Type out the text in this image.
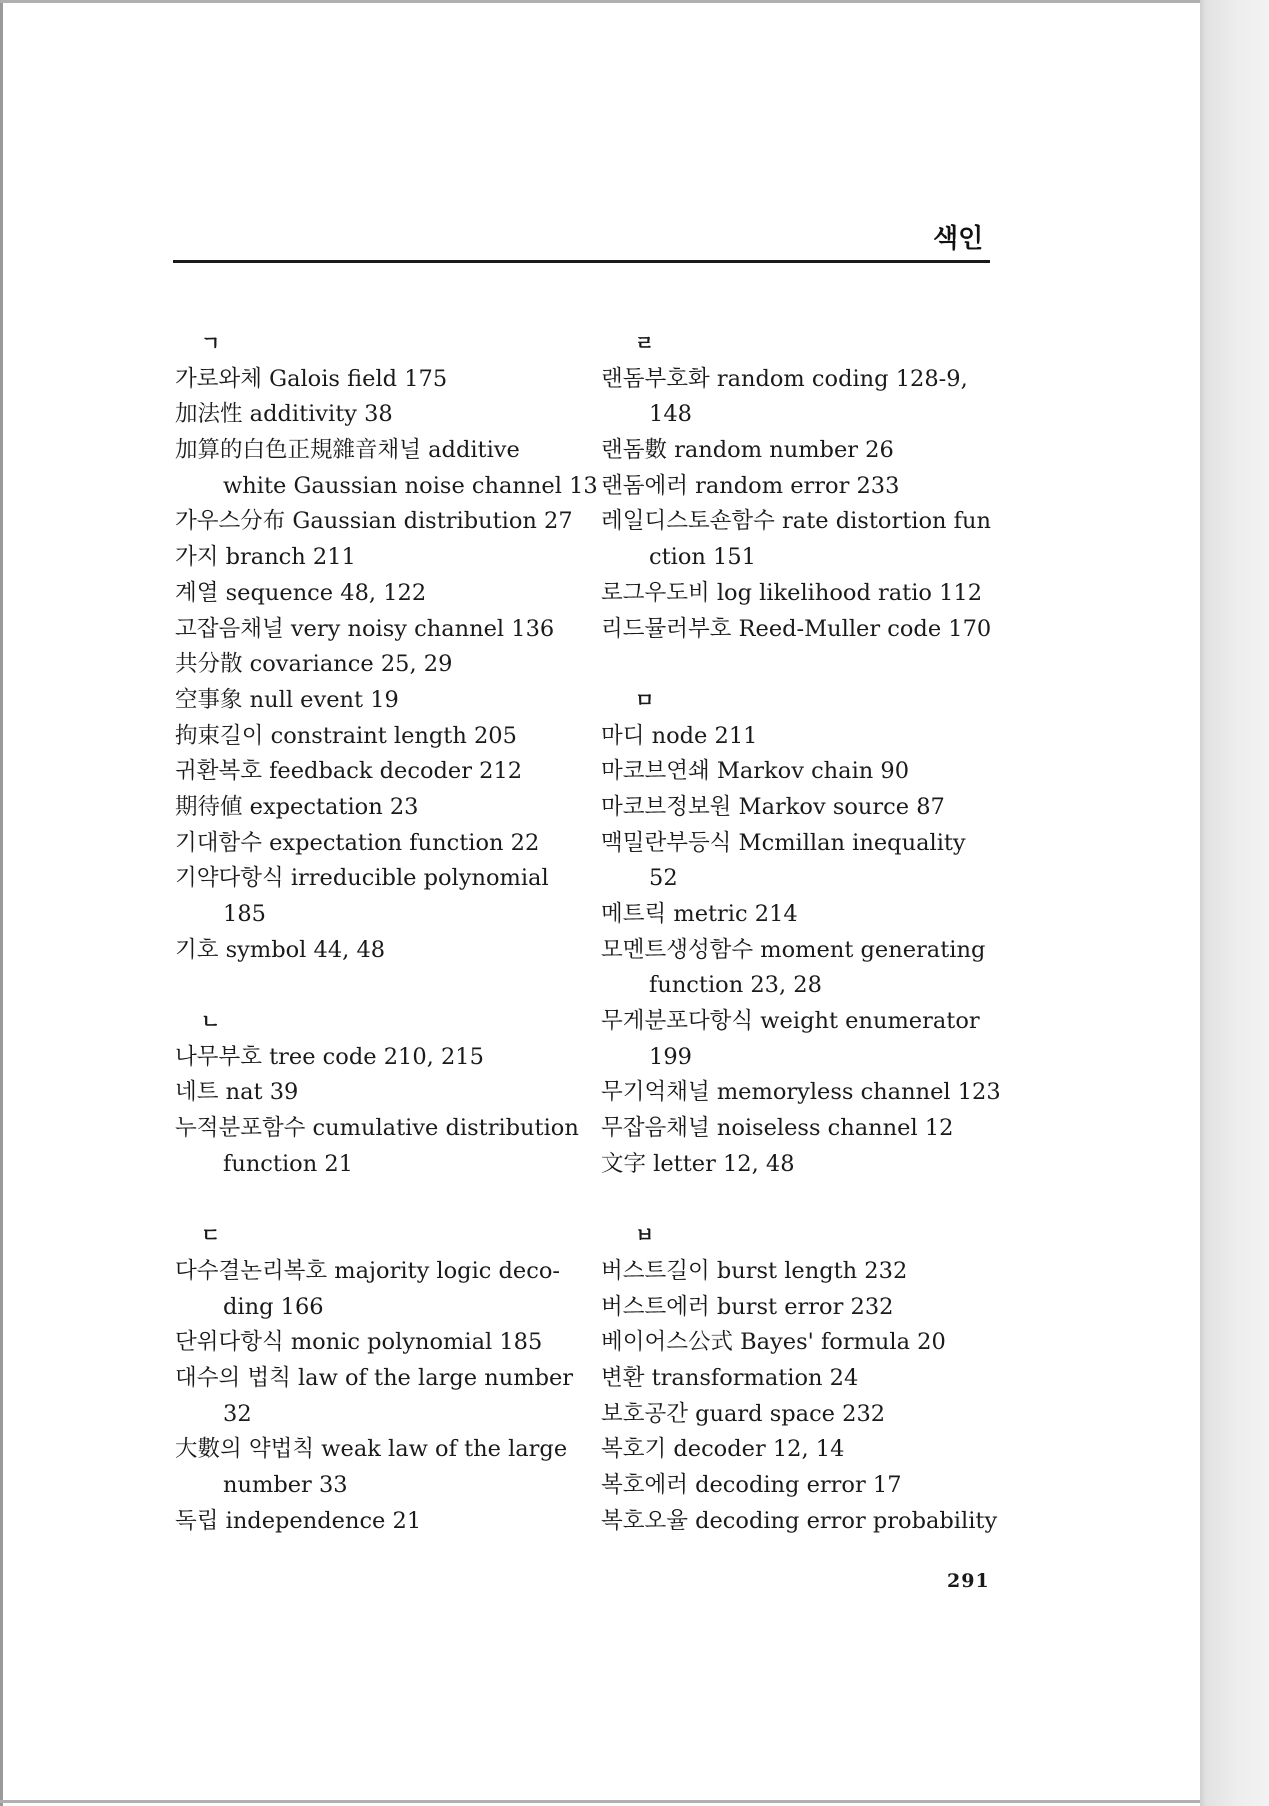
색인
ㄱ
가로와체 Galois field 175
加法性 additivity 38
加算的白色正規雜音채널 additive
white Gaussian noise channel 13
가우스分布 Gaussian distribution 27
가지 branch 211
계열 sequence 48, 122
고잡음채널 very noisy channel 136
共分散 covariance 25, 29
空事象 null event 19
拘束길이 constraint length 205
귀환복호 feedback decoder 212
期待値 expectation 23
기대함수 expectation function 22
기약다항식 irreducible polynomial
185
기호 symbol 44, 48
ㄴ
나무부호 tree code 210, 215
네트 nat 39
누적분포함수 cumulative distribution
function 21
ㄷ
다수결논리복호 majority logic deco-
ding 166
단위다항식 monic polynomial 185
대수의 법칙 law of the large number
32
大數의 약법칙 weak law of the large
number 33
독립 independence 21
ㄹ
랜돔부호화 random coding 128-9,
148
랜돔數 random number 26
랜돔에러 random error 233
레일디스토숀함수 rate distortion fun
ction 151
로그우도비 log likelihood ratio 112
리드뮬러부호 Reed-Muller code 170
ㅁ
마디 node 211
마코브연쇄 Markov chain 90
마코브정보원 Markov source 87
맥밀란부등식 Mcmillan inequality
52
메트릭 metric 214
모멘트생성함수 moment generating
function 23, 28
무게분포다항식 weight enumerator
199
무기억채널 memoryless channel 123
무잡음채널 noiseless channel 12
文字 letter 12, 48
ㅂ
버스트길이 burst length 232
버스트에러 burst error 232
베이어스公式 Bayes' formula 20
변환 transformation 24
보호공간 guard space 232
복호기 decoder 12, 14
복호에러 decoding error 17
복호오율 decoding error probability
291
